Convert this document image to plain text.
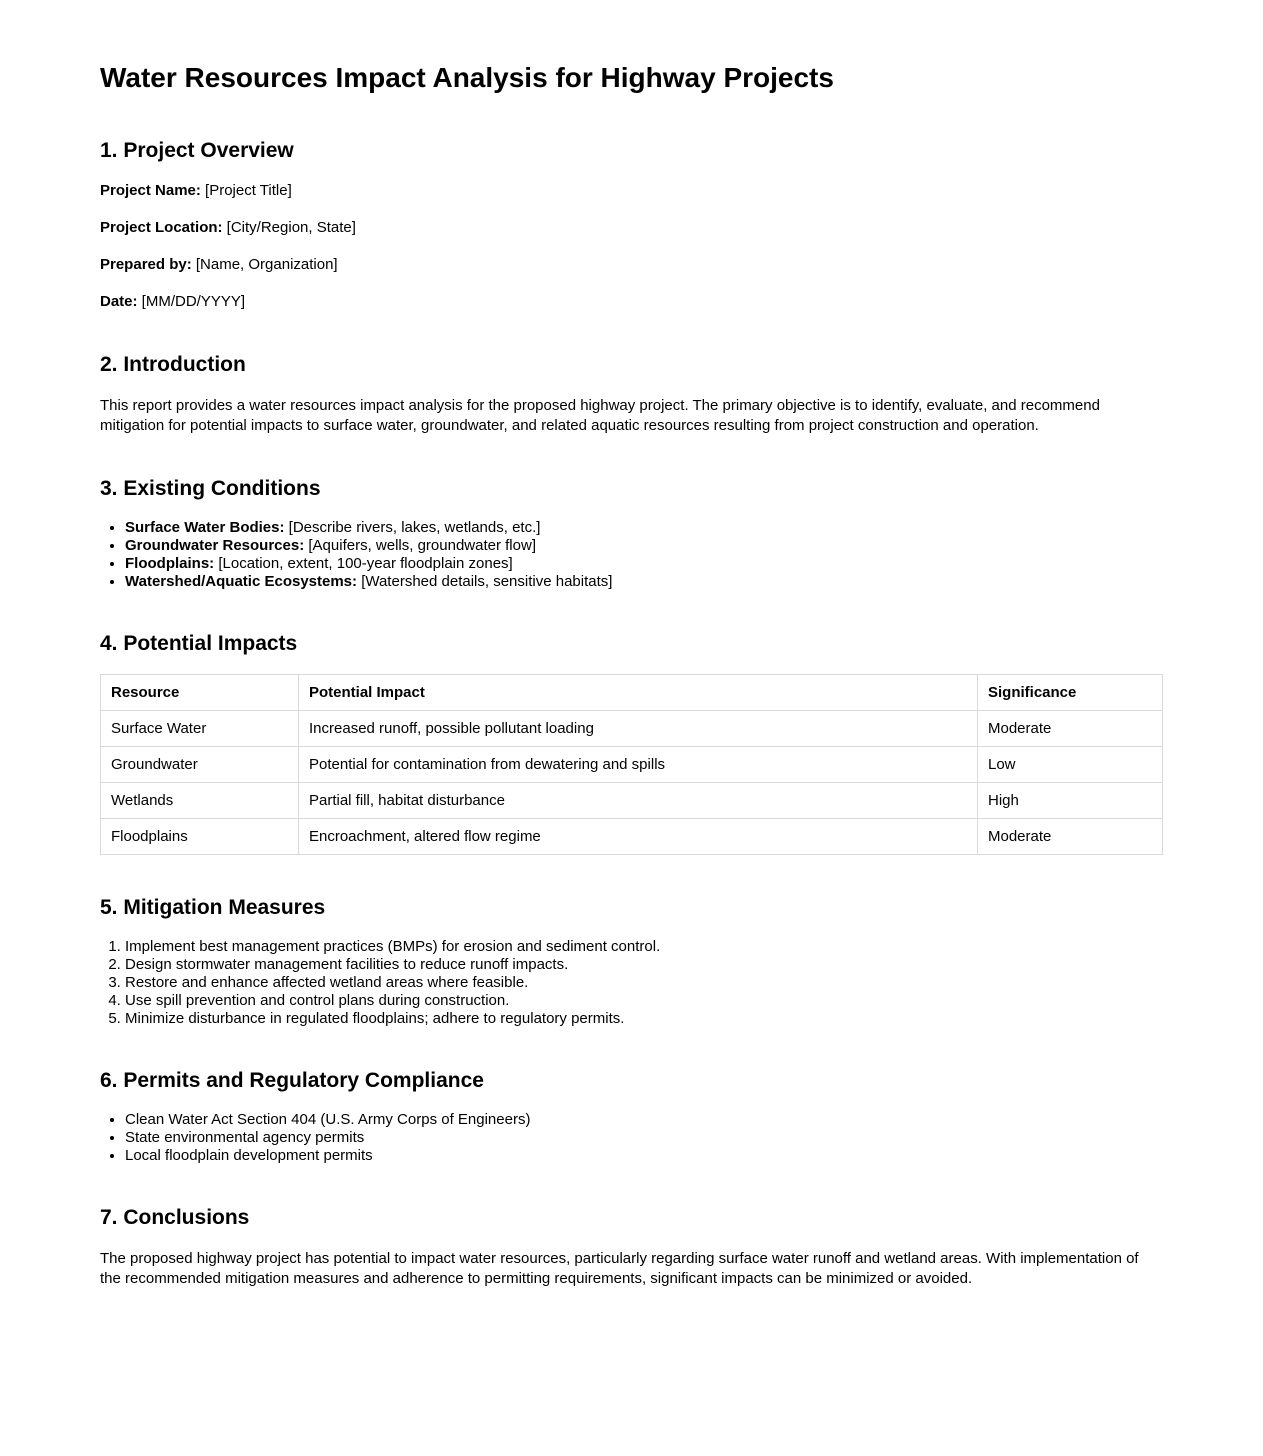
Water Resources Impact Analysis for Highway Projects
1. Project Overview

Project Name: [Project Title]

Project Location: [City/Region, State]

Prepared by: [Name, Organization]

Date: [MM/DD/YYYY]

2. Introduction

This report provides a water resources impact analysis for the proposed highway project. The primary objective is to identify, evaluate, and recommend mitigation for potential impacts to surface water, groundwater, and related aquatic resources resulting from project construction and operation.

3. Existing Conditions
• Surface Water Bodies: [Describe rivers, lakes, wetlands, etc.]
• Groundwater Resources: [Aquifers, wells, groundwater flow]
• Floodplains: [Location, extent, 100-year floodplain zones]
• Watershed/Aquatic Ecosystems: [Watershed details, sensitive habitats]
4. Potential Impacts
Resource	Potential Impact	Significance
Surface Water	Increased runoff, possible pollutant loading	Moderate
Groundwater	Potential for contamination from dewatering and spills	Low
Wetlands	Partial fill, habitat disturbance	High
Floodplains	Encroachment, altered flow regime	Moderate
5. Mitigation Measures
1. Implement best management practices (BMPs) for erosion and sediment control.
2. Design stormwater management facilities to reduce runoff impacts.
3. Restore and enhance affected wetland areas where feasible.
4. Use spill prevention and control plans during construction.
5. Minimize disturbance in regulated floodplains; adhere to regulatory permits.
6. Permits and Regulatory Compliance
• Clean Water Act Section 404 (U.S. Army Corps of Engineers)
• State environmental agency permits
• Local floodplain development permits
7. Conclusions

The proposed highway project has potential to impact water resources, particularly regarding surface water runoff and wetland areas. With implementation of the recommended mitigation measures and adherence to permitting requirements, significant impacts can be minimized or avoided.
